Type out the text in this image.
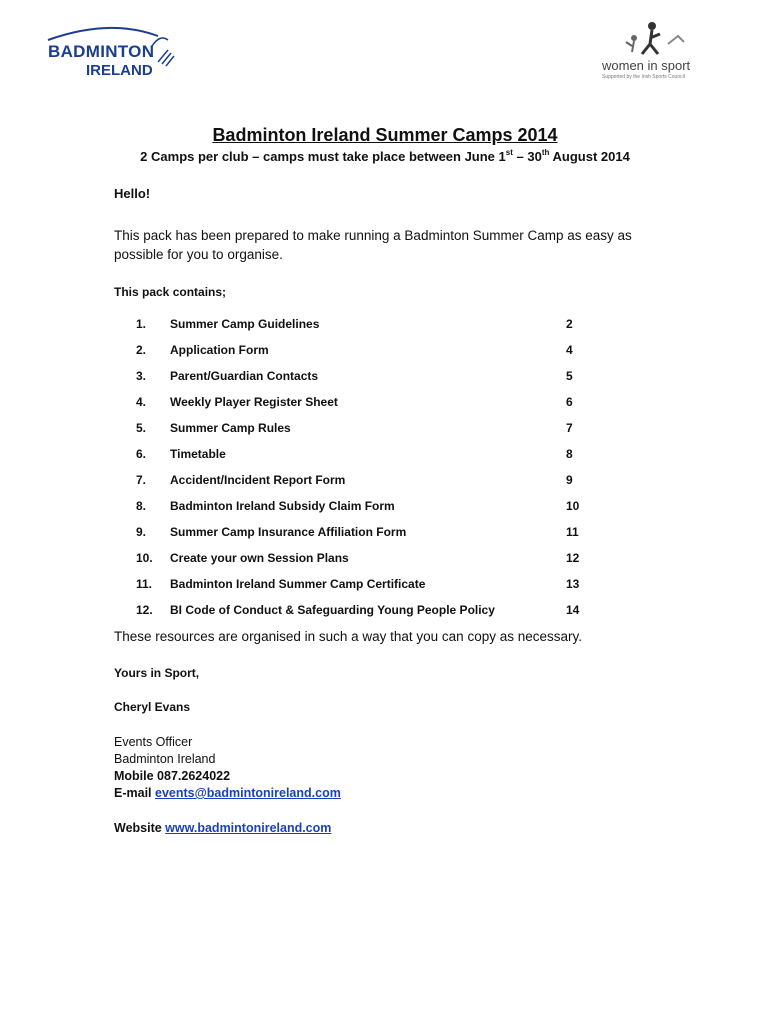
BADMINTON
IRELAND	women in sport
Supported by the Irish Sports Council
Badminton Ireland Summer Camps 2014
2 Camps per club – camps must take place between June 1st – 30th August 2014
Hello!
This pack has been prepared to make running a Badminton Summer Camp as easy as possible for you to organise.
This pack contains;
1. Summer Camp Guidelines	2
2. Application Form	4
3. Parent/Guardian Contacts	5
4. Weekly Player Register Sheet	6
5. Summer Camp Rules	7
6. Timetable	8
7. Accident/Incident Report Form	9
8. Badminton Ireland Subsidy Claim Form	10
9. Summer Camp Insurance Affiliation Form	11
10. Create your own Session Plans	12
11. Badminton Ireland Summer Camp Certificate	13
12. BI Code of Conduct & Safeguarding Young People Policy	14
These resources are organised in such a way that you can copy as necessary.
Yours in Sport,
Cheryl Evans
Events Officer
Badminton Ireland
Mobile 087.2624022
E-mail events@badmintonireland.com
Website www.badmintonireland.com
